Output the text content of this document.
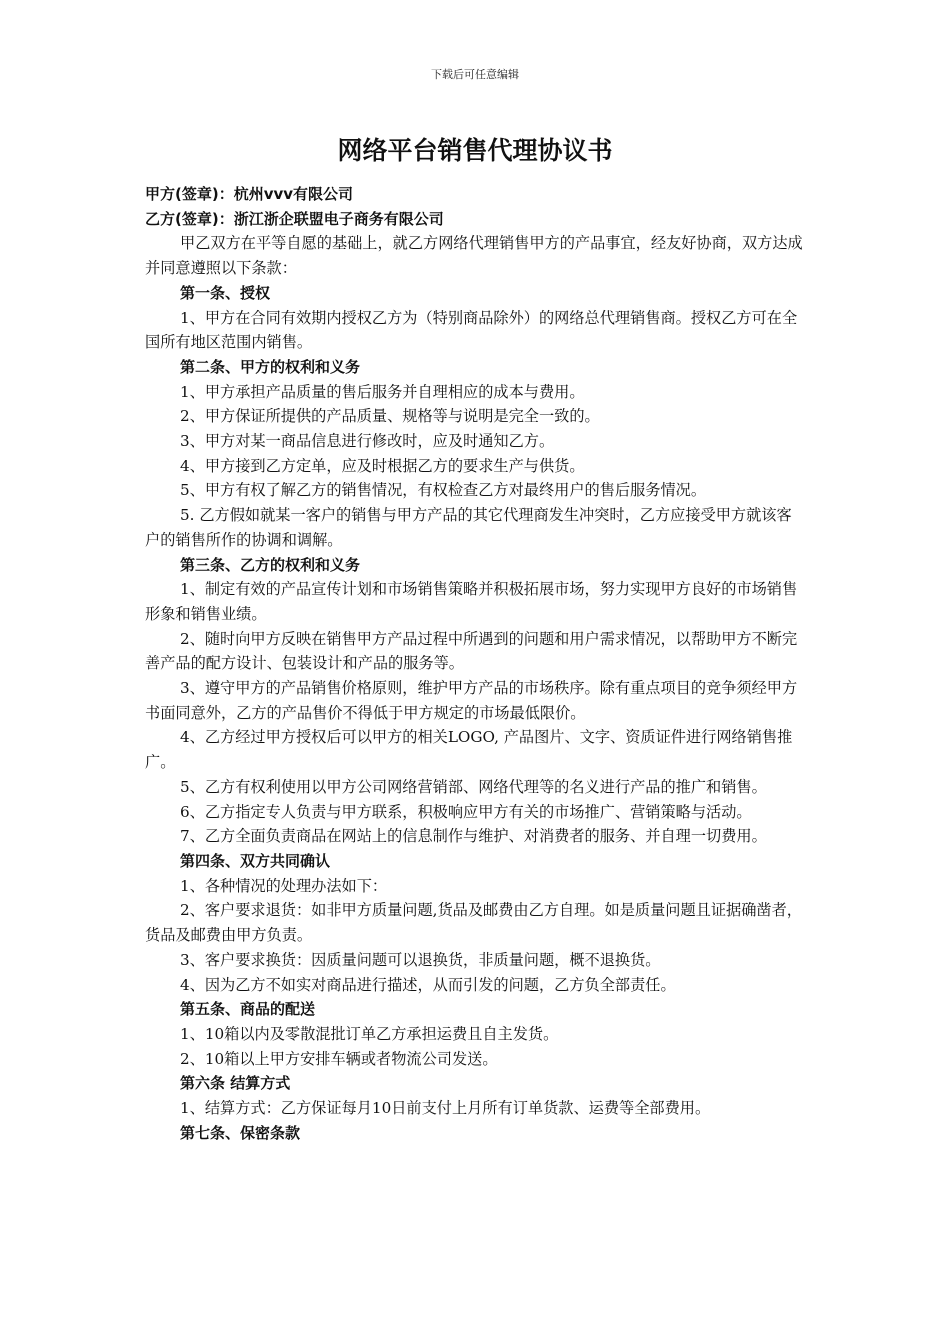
下载后可任意编辑
网络平台销售代理协议书

甲方(签章)：杭州vvv有限公司

乙方(签章)：浙江浙企联盟电子商务有限公司

甲乙双方在平等自愿的基础上，就乙方网络代理销售甲方的产品事宜，经友好协商，双方达成并同意遵照以下条款：

第一条、授权

1、甲方在合同有效期内授权乙方为（特别商品除外）的网络总代理销售商。授权乙方可在全国所有地区范围内销售。

第二条、甲方的权利和义务

1、甲方承担产品质量的售后服务并自理相应的成本与费用。

2、甲方保证所提供的产品质量、规格等与说明是完全一致的。

3、甲方对某一商品信息进行修改时，应及时通知乙方。

4、甲方接到乙方定单，应及时根据乙方的要求生产与供货。

5、甲方有权了解乙方的销售情况，有权检查乙方对最终用户的售后服务情况。

5. 乙方假如就某一客户的销售与甲方产品的其它代理商发生冲突时，乙方应接受甲方就该客户的销售所作的协调和调解。

第三条、乙方的权利和义务

1、制定有效的产品宣传计划和市场销售策略并积极拓展市场，努力实现甲方良好的市场销售形象和销售业绩。

2、随时向甲方反映在销售甲方产品过程中所遇到的问题和用户需求情况，以帮助甲方不断完善产品的配方设计、包装设计和产品的服务等。

3、遵守甲方的产品销售价格原则，维护甲方产品的市场秩序。除有重点项目的竞争须经甲方书面同意外，乙方的产品售价不得低于甲方规定的市场最低限价。

4、乙方经过甲方授权后可以甲方的相关LOGO, 产品图片、文字、资质证件进行网络销售推广。

5、乙方有权利使用以甲方公司网络营销部、网络代理等的名义进行产品的推广和销售。

6、乙方指定专人负责与甲方联系，积极响应甲方有关的市场推广、营销策略与活动。

7、乙方全面负责商品在网站上的信息制作与维护、对消费者的服务、并自理一切费用。

第四条、双方共同确认

1、各种情况的处理办法如下：

2、客户要求退货：如非甲方质量问题,货品及邮费由乙方自理。如是质量问题且证据确凿者，货品及邮费由甲方负责。

3、客户要求换货：因质量问题可以退换货，非质量问题，概不退换货。

4、因为乙方不如实对商品进行描述，从而引发的问题，乙方负全部责任。

第五条、商品的配送

1、10箱以内及零散混批订单乙方承担运费且自主发货。

2、10箱以上甲方安排车辆或者物流公司发送。

第六条 结算方式

1、结算方式：乙方保证每月10日前支付上月所有订单货款、运费等全部费用。

第七条、保密条款
